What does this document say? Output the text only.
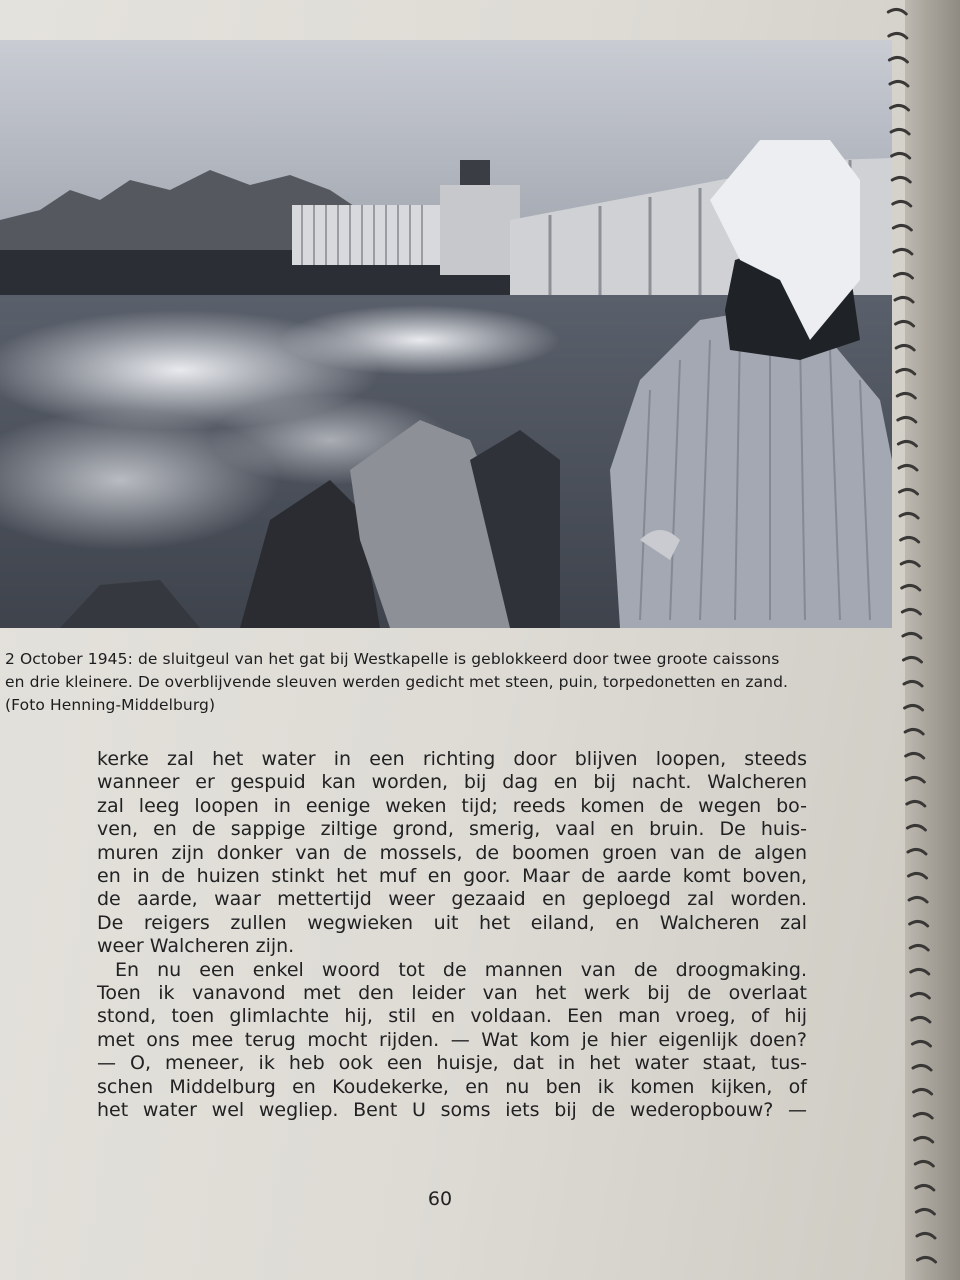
2 October 1945: de sluitgeul van het gat bij Westkapelle is geblokkeerd door twee groote caissons
en drie kleinere. De overblijvende sleuven werden gedicht met steen, puin, torpedonetten en zand.
(Foto Henning-Middelburg)
kerke zal het water in een richting door blijven loopen, steeds
wanneer er gespuid kan worden, bij dag en bij nacht. Walcheren
zal leeg loopen in eenige weken tijd; reeds komen de wegen bo-
ven, en de sappige ziltige grond, smerig, vaal en bruin. De huis-
muren zijn donker van de mossels, de boomen groen van de algen
en in de huizen stinkt het muf en goor. Maar de aarde komt boven,
de aarde, waar mettertijd weer gezaaid en geploegd zal worden.
De reigers zullen wegwieken uit het eiland, en Walcheren zal
weer Walcheren zijn.
En nu een enkel woord tot de mannen van de droogmaking.
Toen ik vanavond met den leider van het werk bij de overlaat
stond, toen glimlachte hij, stil en voldaan. Een man vroeg, of hij
met ons mee terug mocht rijden. — Wat kom je hier eigenlijk doen?
— O, meneer, ik heb ook een huisje, dat in het water staat, tus-
schen Middelburg en Koudekerke, en nu ben ik komen kijken, of
het water wel wegliep. Bent U soms iets bij de wederopbouw? —
60
